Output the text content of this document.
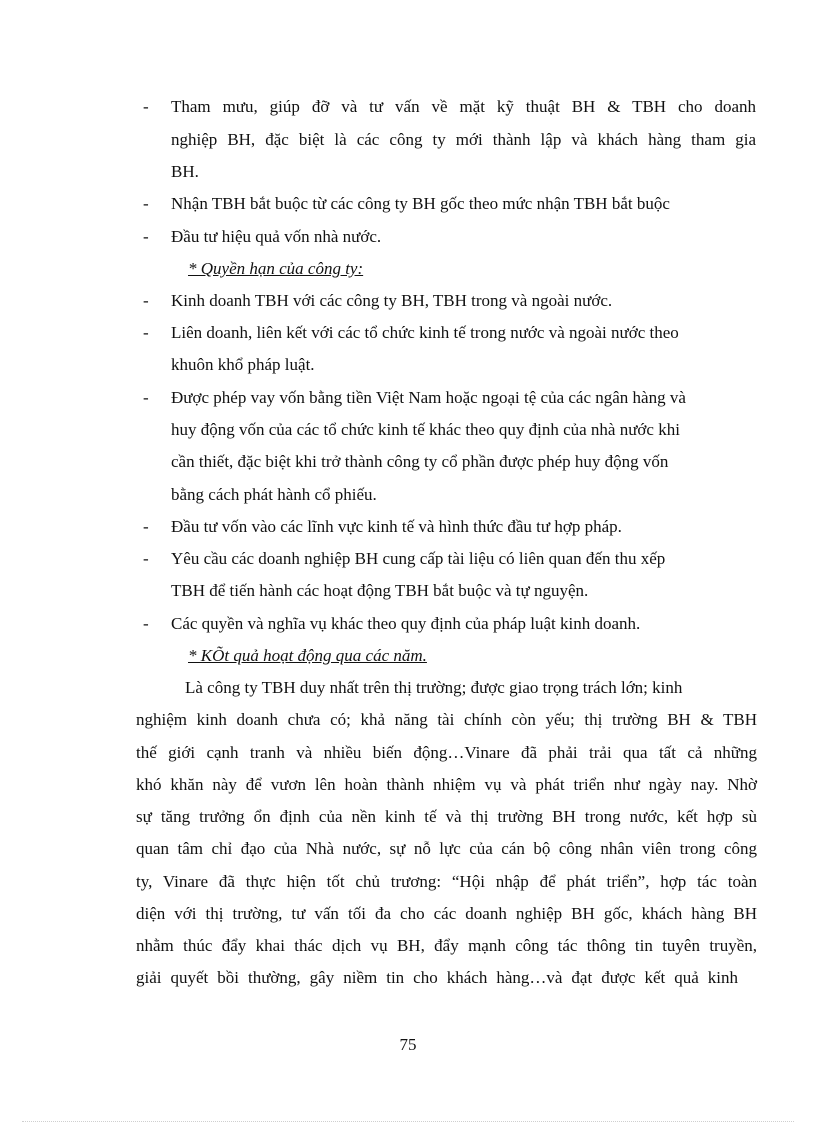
- Tham mưu, giúp đỡ và tư vấn về mặt kỹ thuật BH & TBH cho doanh
nghiệp BH, đặc biệt là các công ty mới thành lập và khách hàng tham gia
BH.
- Nhận TBH bắt buộc từ các công ty BH gốc theo mức nhận TBH bắt buộc
- Đầu tư hiệu quả vốn nhà nước.
* Quyền hạn của công ty:
- Kinh doanh TBH với các công ty BH, TBH trong và ngoài nước.
- Liên doanh, liên kết với các tổ chức kinh tế trong nước và ngoài nước theo
khuôn khổ pháp luật.
- Được phép vay vốn bằng tiền Việt Nam hoặc ngoại tệ của các ngân hàng và
huy động vốn của các tổ chức kinh tế khác theo quy định của nhà nước khi
cần thiết, đặc biệt khi trở thành công ty cổ phần được phép huy động vốn
bằng cách phát hành cổ phiếu.
- Đầu tư vốn vào các lĩnh vực kinh tế và hình thức đầu tư hợp pháp.
- Yêu cầu các doanh nghiệp BH cung cấp tài liệu có liên quan đến thu xếp
TBH để tiến hành các hoạt động TBH bắt buộc và tự nguyện.
- Các quyền và nghĩa vụ khác theo quy định của pháp luật kinh doanh.
* KÕt quả hoạt động qua các năm.
Là công ty TBH duy nhất trên thị trường; được giao trọng trách lớn; kinh
nghiệm kinh doanh chưa có; khả năng tài chính còn yếu; thị trường BH & TBH
thế giới cạnh tranh và nhiều biến động…Vinare đã phải trải qua tất cả những
khó khăn này để vươn lên hoàn thành nhiệm vụ và phát triển như ngày nay. Nhờ
sự tăng trưởng ổn định của nền kinh tế và thị trường BH trong nước, kết hợp sù
quan tâm chỉ đạo của Nhà nước, sự nỗ lực của cán bộ công nhân viên trong công
ty, Vinare đã thực hiện tốt chủ trương: “Hội nhập để phát triển”, hợp tác toàn
diện với thị trường, tư vấn tối đa cho các doanh nghiệp BH gốc, khách hàng BH
nhằm thúc đẩy khai thác dịch vụ BH, đẩy mạnh công tác thông tin tuyên truyền,
giải quyết bồi thường, gây niềm tin cho khách hàng…và đạt được kết quả kinh
75
